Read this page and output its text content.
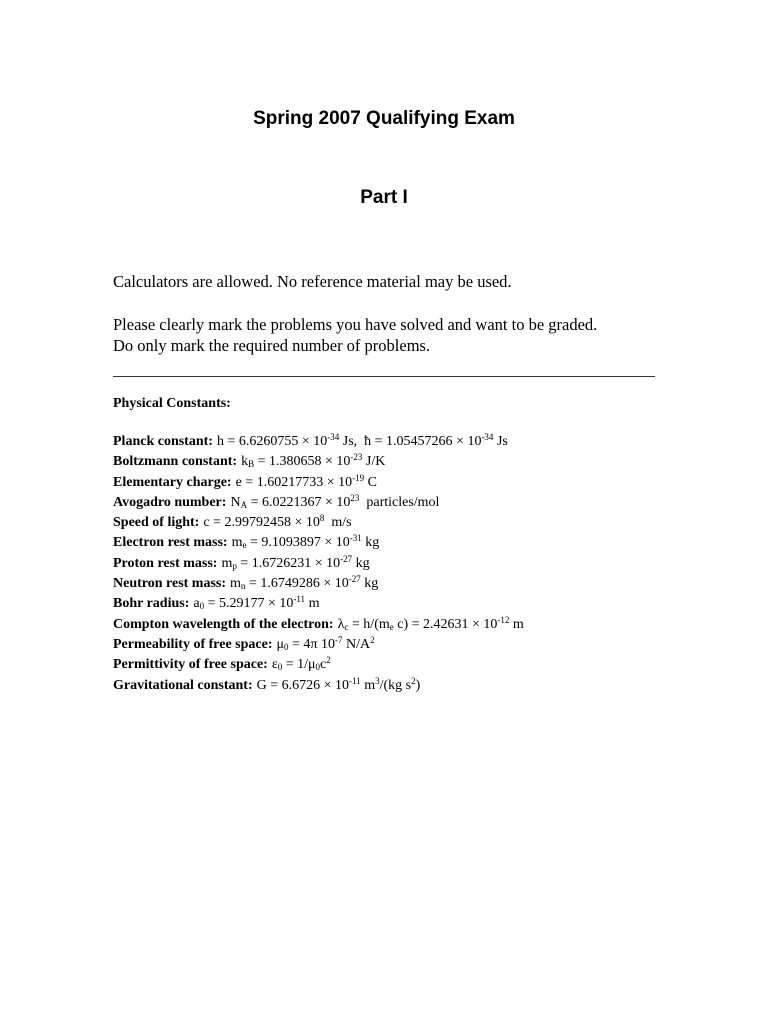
Spring 2007 Qualifying Exam
Part I

Calculators are allowed. No reference material may be used.

Please clearly mark the problems you have solved and want to be graded.

Do only mark the required number of problems.

Physical Constants:

Planck constant: $h = 6.6260755 \times 10^{-34}$ Js,  ħ = $1.05457266 \times 10^{-34}$ Js
Boltzmann constant: $k_B = 1.380658 \times 10^{-23}$ J/K
Elementary charge: $e = 1.60217733 \times 10^{-19}$ C
Avogadro number: $N_A = 6.0221367 \times 10^{23}$  particles/mol
Speed of light: $c = 2.99792458 \times 10^8$  m/s
Electron rest mass: $m_e = 9.1093897 \times 10^{-31}$ kg
Proton rest mass: $m_p = 1.6726231 \times 10^{-27}$ kg
Neutron rest mass: $m_n = 1.6749286 \times 10^{-27}$ kg
Bohr radius: $a_0 = 5.29177 \times 10^{-11}$ m
Compton wavelength of the electron: $\lambda_c = h/(m_e$ $c) = 2.42631 \times 10^{-12}$ m
Permeability of free space: $\mu_0 = 4\pi$ $10^{-7}$ $N/A^2$
Permittivity of free space: $\varepsilon_0 = 1/\mu_0c^2$
Gravitational constant: $G = 6.6726 \times 10^{-11}$ $m^3/(kg$ $s^2$)
